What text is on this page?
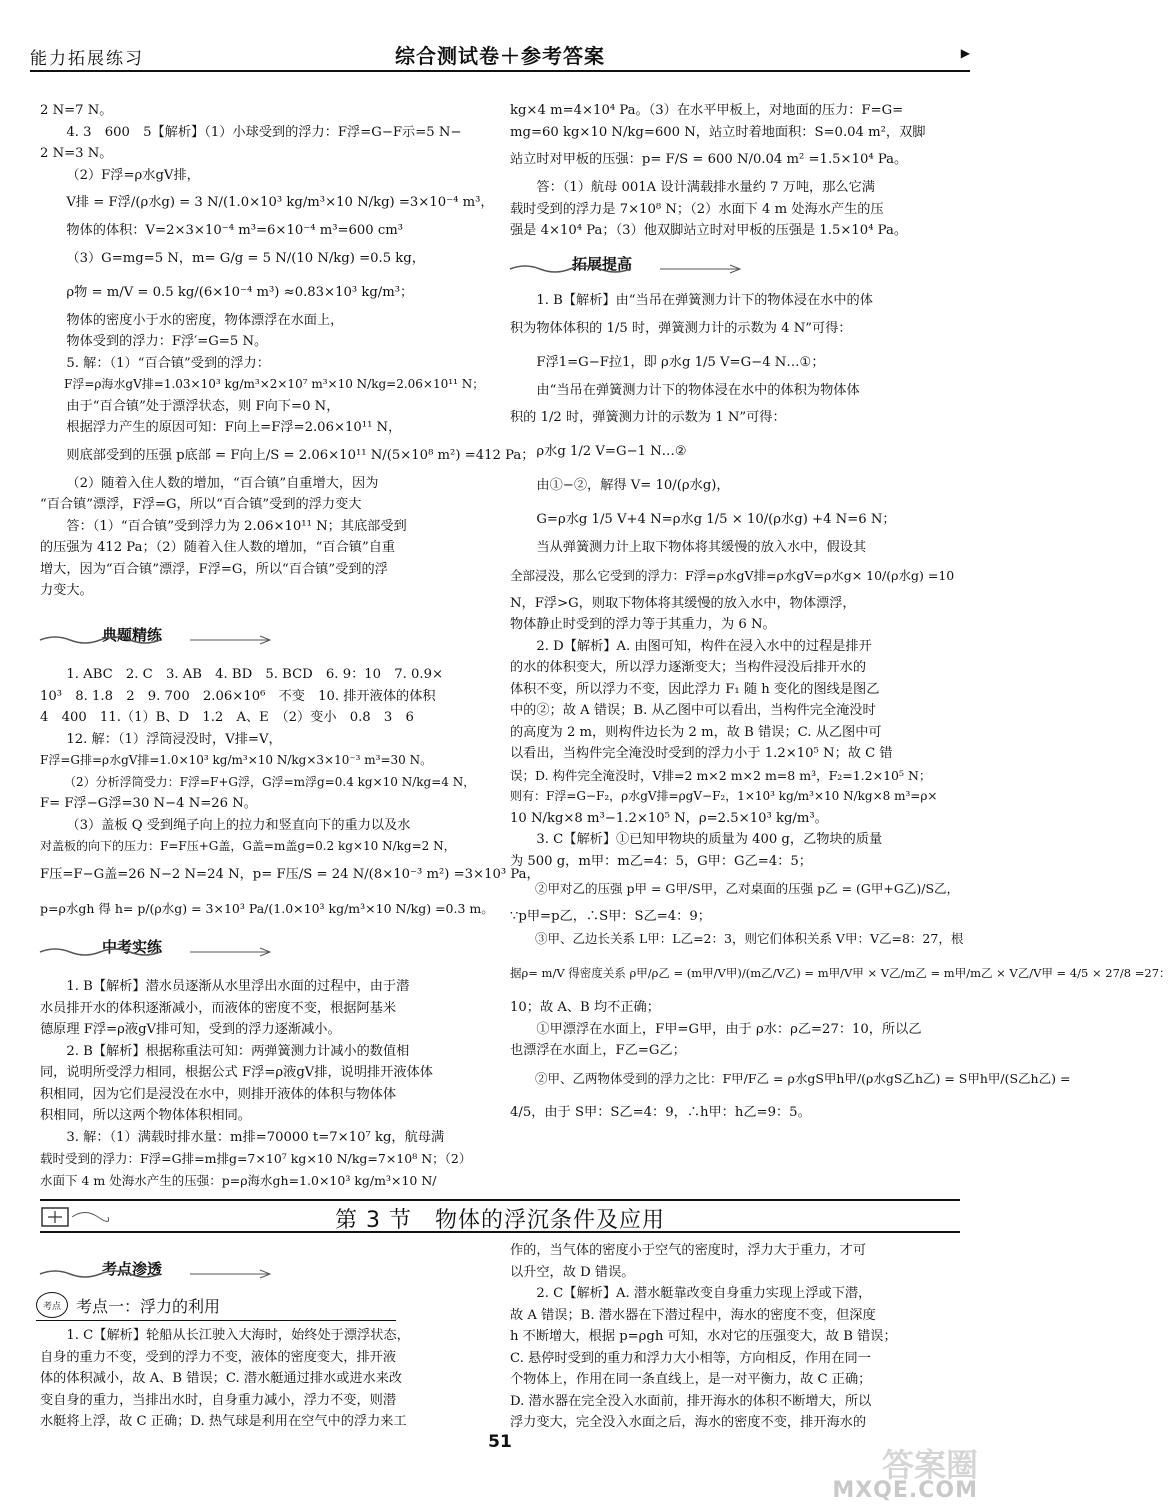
能力拓展练习	综合测试卷＋参考答案	▶

2 N=7 N。

4. 3　600　5【解析】（1）小球受到的浮力：F浮=G−F示=5 N−

2 N=3 N。

（2）F浮=ρ水gV排，

V排 = F浮/(ρ水g) = 3 N/(1.0×10³ kg/m³×10 N/kg) =3×10⁻⁴ m³，

物体的体积：V=2×3×10⁻⁴ m³=6×10⁻⁴ m³=600 cm³

（3）G=mg=5 N，m= G/g = 5 N/(10 N/kg) =0.5 kg，

ρ物 = m/V = 0.5 kg/(6×10⁻⁴ m³) ≈0.83×10³ kg/m³；

物体的密度小于水的密度，物体漂浮在水面上，

物体受到的浮力：F浮′=G=5 N。

5. 解：（1）“百合镇”受到的浮力：

F浮=ρ海水gV排=1.03×10³ kg/m³×2×10⁷ m³×10 N/kg=2.06×10¹¹ N；

由于“百合镇”处于漂浮状态，则 F向下=0 N，

根据浮力产生的原因可知：F向上=F浮=2.06×10¹¹ N，

则底部受到的压强 p底部 = F向上/S = 2.06×10¹¹ N/(5×10⁸ m²) =412 Pa；

（2）随着入住人数的增加，“百合镇”自重增大，因为

“百合镇”漂浮，F浮=G，所以“百合镇”受到的浮力变大

答：（1）“百合镇”受到浮力为 2.06×10¹¹ N；其底部受到

的压强为 412 Pa；（2）随着入住人数的增加，“百合镇”自重

增大，因为“百合镇”漂浮，F浮=G，所以“百合镇”受到的浮

力变大。

典题精练

1. ABC　2. C　3. AB　4. BD　5. BCD　6. 9：10　7. 0.9×

10³　8. 1.8　2　9. 700　2.06×10⁶　不变　10. 排开液体的体积

4　400　11.（1）B、D　1.2　A、E　（2）变小　0.8　3　6

12. 解：（1）浮筒浸没时，V排=V，

F浮=G排=ρ水gV排=1.0×10³ kg/m³×10 N/kg×3×10⁻³ m³=30 N。

（2）分析浮筒受力：F浮=F+G浮，G浮=m浮g=0.4 kg×10 N/kg=4 N，

F= F浮−G浮=30 N−4 N=26 N。

（3）盖板 Q 受到绳子向上的拉力和竖直向下的重力以及水

对盖板的向下的压力：F=F压+G盖，G盖=m盖g=0.2 kg×10 N/kg=2 N，

F压=F−G盖=26 N−2 N=24 N，p= F压/S = 24 N/(8×10⁻³ m²) =3×10³ Pa，

p=ρ水gh 得 h= p/(ρ水g) = 3×10³ Pa/(1.0×10³ kg/m³×10 N/kg) =0.3 m。

中考实练

1. B【解析】潜水员逐渐从水里浮出水面的过程中，由于潜

水员排开水的体积逐渐减小，而液体的密度不变，根据阿基米

德原理 F浮=ρ液gV排可知，受到的浮力逐渐减小。

2. B【解析】根据称重法可知：两弹簧测力计减小的数值相

同，说明所受浮力相同，根据公式 F浮=ρ液gV排，说明排开液体体

积相同，因为它们是浸没在水中，则排开液体的体积与物体体

积相同，所以这两个物体体积相同。

3. 解：（1）满载时排水量：m排=70000 t=7×10⁷ kg，航母满

载时受到的浮力：F浮=G排=m排g=7×10⁷ kg×10 N/kg=7×10⁸ N；（2）

水面下 4 m 处海水产生的压强：p=ρ海水gh=1.0×10³ kg/m³×10 N/

kg×4 m=4×10⁴ Pa。（3）在水平甲板上，对地面的压力：F=G=

mg=60 kg×10 N/kg=600 N，站立时着地面积：S=0.04 m²，双脚

站立时对甲板的压强：p= F/S = 600 N/0.04 m² =1.5×10⁴ Pa。

答：（1）航母 001A 设计满载排水量约 7 万吨，那么它满

载时受到的浮力是 7×10⁸ N；（2）水面下 4 m 处海水产生的压

强是 4×10⁴ Pa；（3）他双脚站立时对甲板的压强是 1.5×10⁴ Pa。

拓展提高

1. B【解析】由“当吊在弹簧测力计下的物体浸在水中的体

积为物体体积的 1/5 时，弹簧测力计的示数为 4 N”可得：

F浮1=G−F拉1，即 ρ水g 1/5 V=G−4 N…①；

由“当吊在弹簧测力计下的物体浸在水中的体积为物体体

积的 1/2 时，弹簧测力计的示数为 1 N”可得：

ρ水g 1/2 V=G−1 N…②

由①−②，解得 V= 10/(ρ水g)，

G=ρ水g 1/5 V+4 N=ρ水g 1/5 × 10/(ρ水g) +4 N=6 N；

当从弹簧测力计上取下物体将其缓慢的放入水中，假设其

全部浸没，那么它受到的浮力：F浮=ρ水gV排=ρ水gV=ρ水g× 10/(ρ水g) =10

N，F浮>G，则取下物体将其缓慢的放入水中，物体漂浮，

物体静止时受到的浮力等于其重力，为 6 N。

2. D【解析】A. 由图可知，构件在浸入水中的过程是排开

的水的体积变大，所以浮力逐渐变大；当构件浸没后排开水的

体积不变，所以浮力不变，因此浮力 F₁ 随 h 变化的图线是图乙

中的②；故 A 错误；B. 从乙图中可以看出，当构件完全淹没时

的高度为 2 m，则构件边长为 2 m，故 B 错误；C. 从乙图中可

以看出，当构件完全淹没时受到的浮力小于 1.2×10⁵ N；故 C 错

误；D. 构件完全淹没时，V排=2 m×2 m×2 m=8 m³，F₂=1.2×10⁵ N；

则有：F浮=G−F₂，ρ水gV排=ρgV−F₂，1×10³ kg/m³×10 N/kg×8 m³=ρ×

10 N/kg×8 m³−1.2×10⁵ N，ρ=2.5×10³ kg/m³。

3. C【解析】①已知甲物块的质量为 400 g，乙物块的质量

为 500 g，m甲：m乙=4：5，G甲：G乙=4：5；

②甲对乙的压强 p甲 = G甲/S甲，乙对桌面的压强 p乙 = (G甲+G乙)/S乙，

∵p甲=p乙，∴S甲：S乙=4：9；

③甲、乙边长关系 L甲：L乙=2：3，则它们体积关系 V甲：V乙=8：27，根

据ρ= m/V 得密度关系 ρ甲/ρ乙 = (m甲/V甲)/(m乙/V乙) = m甲/V甲 × V乙/m乙 = m甲/m乙 × V乙/V甲 = 4/5 × 27/8 =27：

10；故 A、B 均不正确；

①甲漂浮在水面上，F甲=G甲，由于 ρ水：ρ乙=27：10，所以乙

也漂浮在水面上，F乙=G乙；

②甲、乙两物体受到的浮力之比：F甲/F乙 = ρ水gS甲h甲/(ρ水gS乙h乙) = S甲h甲/(S乙h乙) =

4/5，由于 S甲：S乙=4：9，∴h甲：h乙=9：5。

第 3 节　物体的浮沉条件及应用
考点渗透
考点 考点一：浮力的利用

1. C【解析】轮船从长江驶入大海时，始终处于漂浮状态，

自身的重力不变，受到的浮力不变，液体的密度变大，排开液

体的体积减小，故 A、B 错误；C. 潜水艇通过排水或进水来改

变自身的重力，当排出水时，自身重力减小，浮力不变，则潜

水艇将上浮，故 C 正确；D. 热气球是利用在空气中的浮力来工

作的，当气体的密度小于空气的密度时，浮力大于重力，才可

以升空，故 D 错误。

2. C【解析】A. 潜水艇靠改变自身重力实现上浮或下潜，

故 A 错误；B. 潜水器在下潜过程中，海水的密度不变，但深度

h 不断增大，根据 p=ρgh 可知，水对它的压强变大，故 B 错误；

C. 悬停时受到的重力和浮力大小相等，方向相反，作用在同一

个物体上，作用在同一条直线上，是一对平衡力，故 C 正确；

D. 潜水器在完全没入水面前，排开海水的体积不断增大，所以

浮力变大，完全没入水面之后，海水的密度不变，排开海水的

51
答案圈
MXQE.COM
